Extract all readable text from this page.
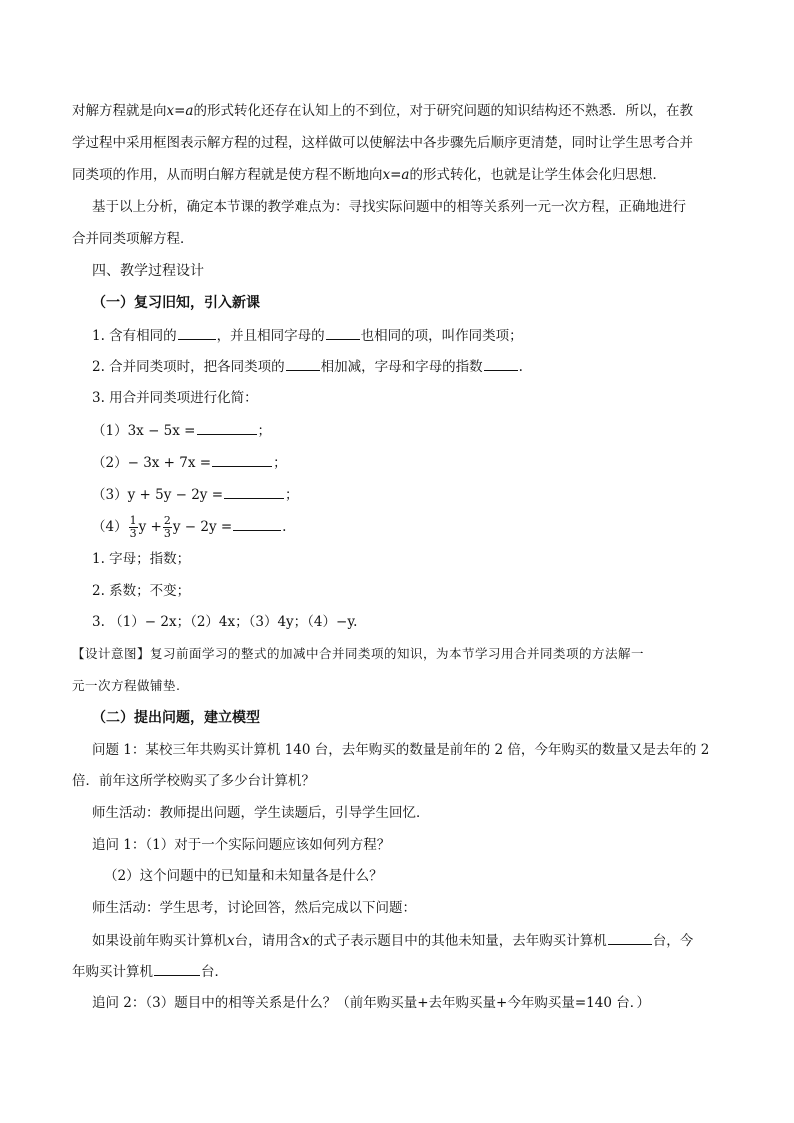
对解方程就是向x=a的形式转化还存在认知上的不到位，对于研究问题的知识结构还不熟悉．所以，在教
学过程中采用框图表示解方程的过程，这样做可以使解法中各步骤先后顺序更清楚，同时让学生思考合并
同类项的作用，从而明白解方程就是使方程不断地向x=a的形式转化，也就是让学生体会化归思想．
基于以上分析，确定本节课的教学难点为：寻找实际问题中的相等关系列一元一次方程，正确地进行
合并同类项解方程．
四、教学过程设计
（一）复习旧知，引入新课
1. 含有相同的	，并且相同字母的	也相同的项，叫作同类项；
2. 合并同类项时，把各同类项的	相加减，字母和字母的指数	.
3. 用合并同类项进行化简：
（1）3x − 5x =	；
（2）− 3x + 7x =	；
（3）y + 5y − 2y =	；
$(4) \frac{1}{3}$ $y + \frac{2}{3}$ y − 2y =	.
1. 字母；指数；
2. 系数；不变；
3. （1）− 2x；（2）4x；（3）4y；（4）−y.
【设计意图】复习前面学习的整式的加减中合并同类项的知识，为本节学习用合并同类项的方法解一
元一次方程做铺垫.
（二）提出问题，建立模型
问题 1：某校三年共购买计算机 140 台，去年购买的数量是前年的 2 倍，今年购买的数量又是去年的 2
倍．前年这所学校购买了多少台计算机？
师生活动：教师提出问题，学生读题后，引导学生回忆．
追问 1：（1）对于一个实际问题应该如何列方程？
（2）这个问题中的已知量和未知量各是什么？
师生活动：学生思考，讨论回答，然后完成以下问题：
如果设前年购买计算机x台，请用含x的式子表示题目中的其他未知量，去年购买计算机	台，今
年购买计算机	台．
追问 2：（3）题目中的相等关系是什么？（前年购买量+去年购买量+今年购买量=140 台．）
